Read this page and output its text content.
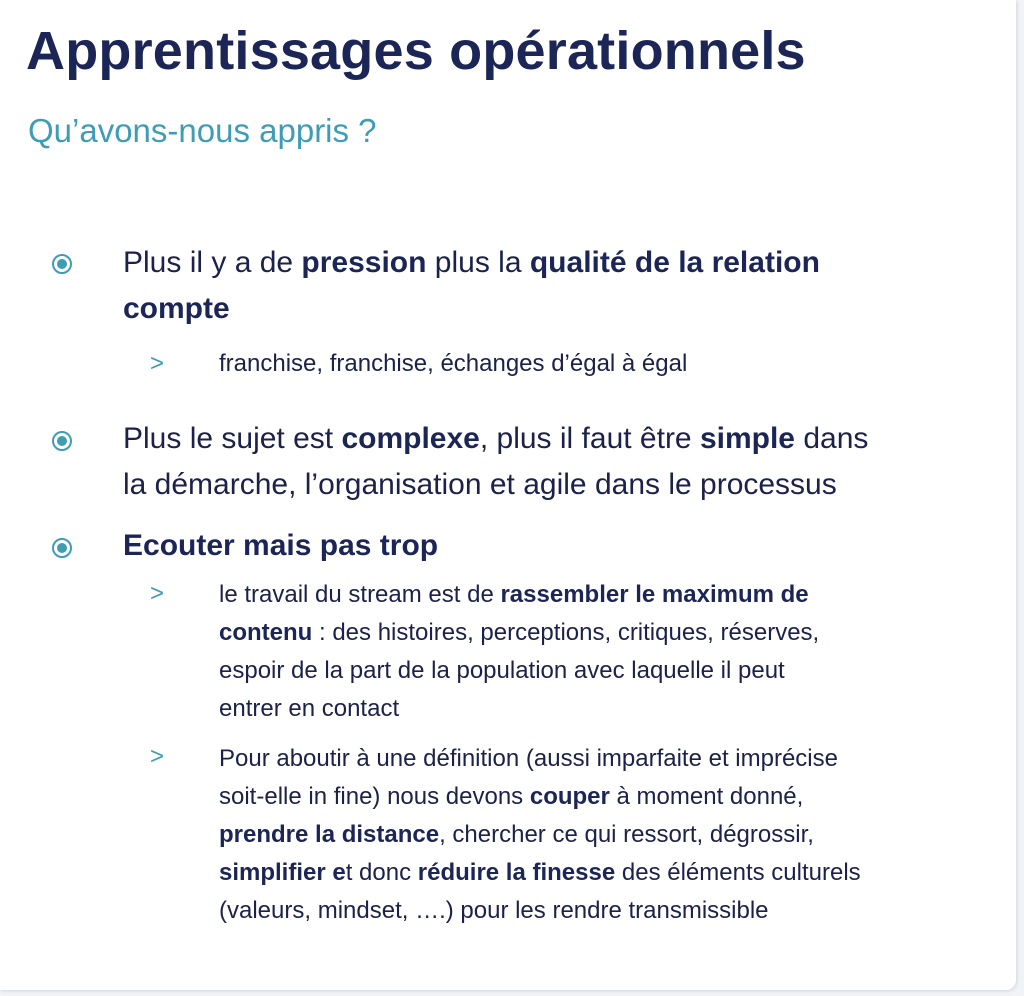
Apprentissages opérationnels
Qu’avons-nous appris ?

Plus il y a de pression plus la qualité de la relation
compte

> franchise, franchise, échanges d’égal à égal

Plus le sujet est complexe, plus il faut être simple dans
la démarche, l’organisation et agile dans le processus

Ecouter mais pas trop

> le travail du stream est de rassembler le maximum de
contenu : des histoires, perceptions, critiques, réserves,
espoir de la part de la population avec laquelle il peut
entrer en contact

> Pour aboutir à une définition (aussi imparfaite et imprécise
soit-elle in fine) nous devons couper à moment donné,
prendre la distance, chercher ce qui ressort, dégrossir,
simplifier et donc réduire la finesse des éléments culturels
(valeurs, mindset, ….) pour les rendre transmissible
